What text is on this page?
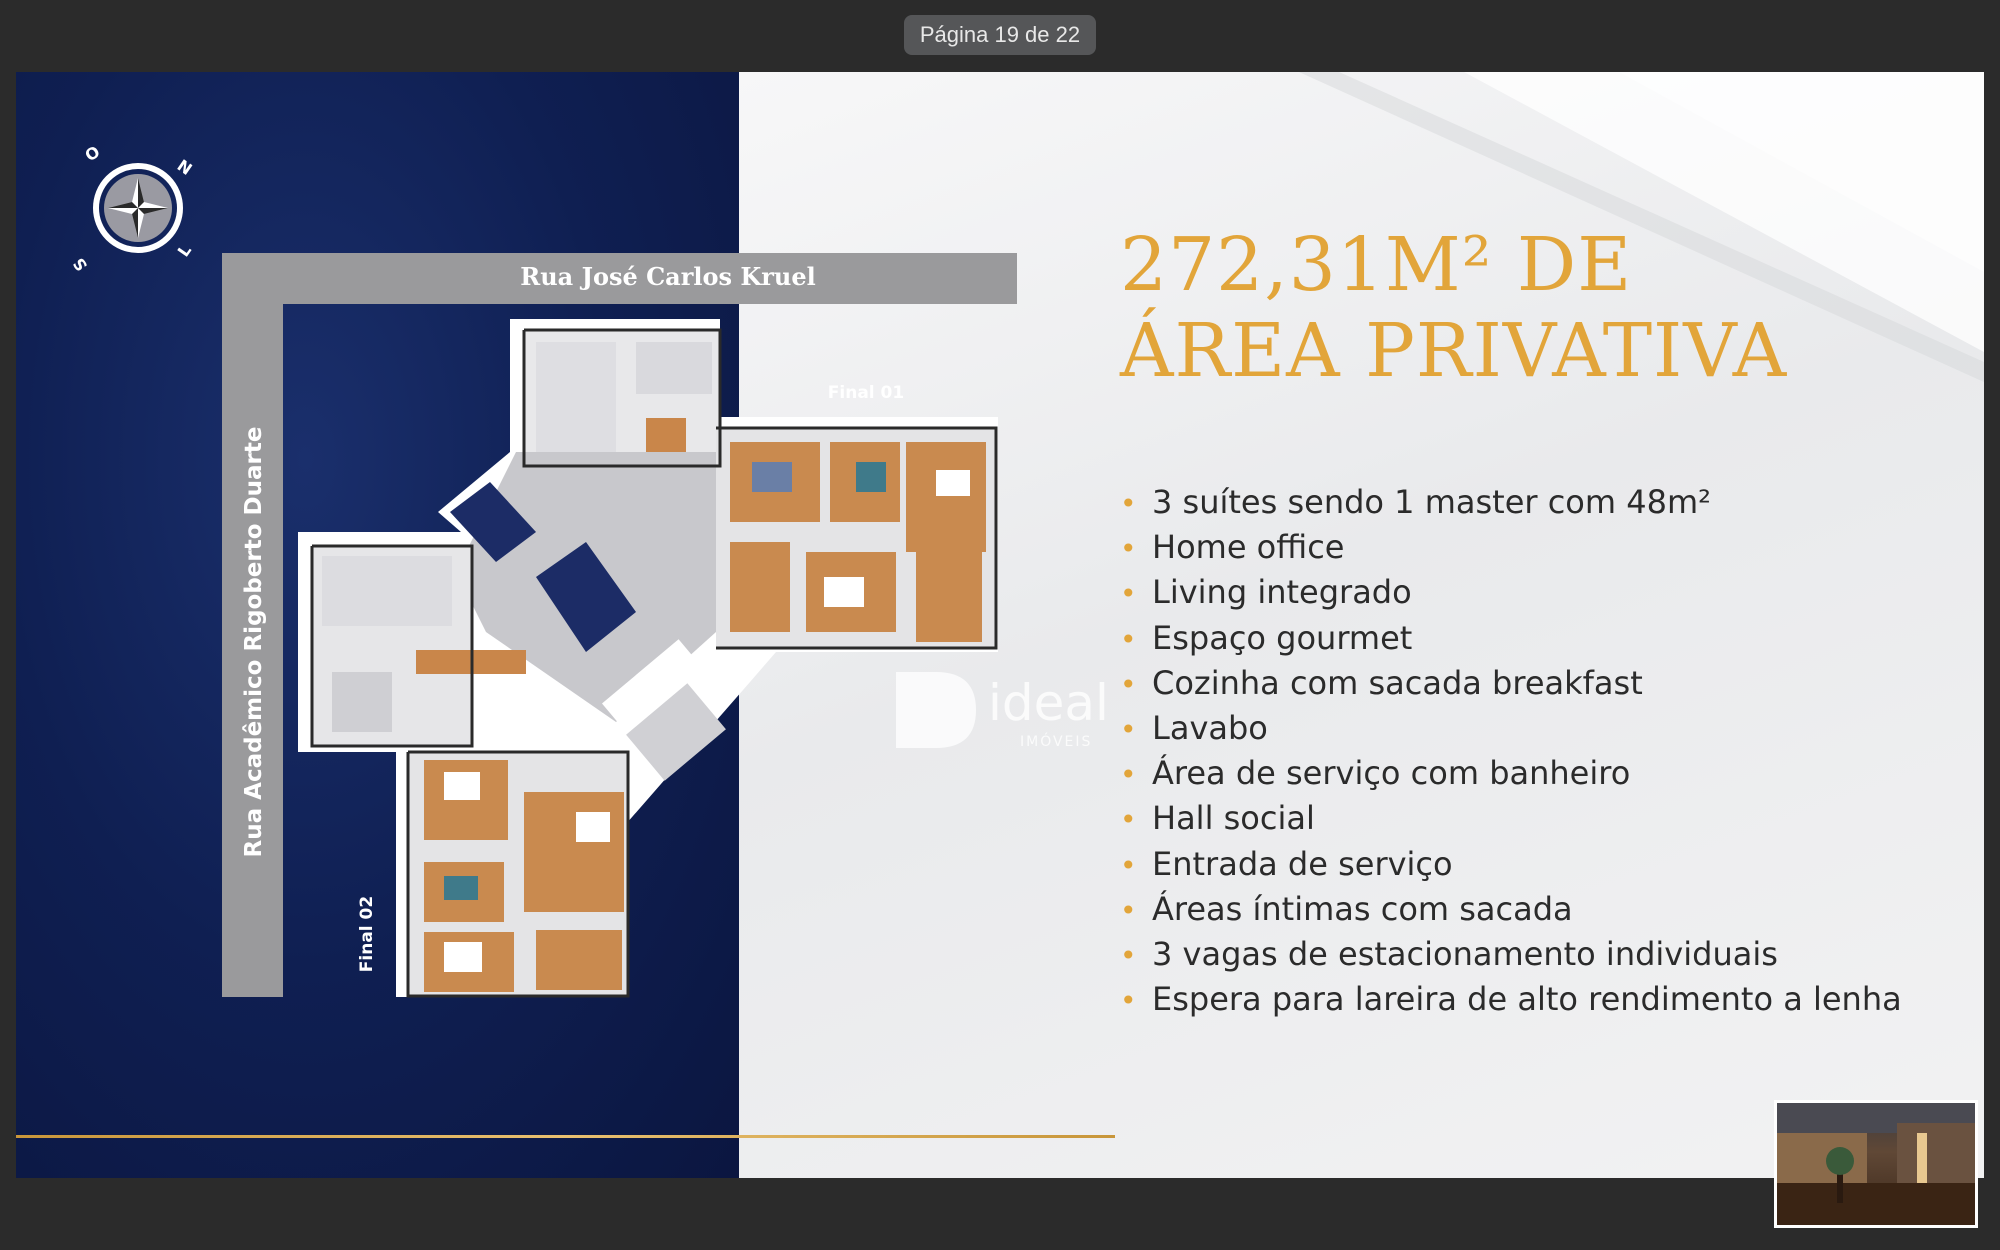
Página 19 de 22
N
L
S
O
Rua José Carlos Kruel
Rua Acadêmico Rigoberto Duarte
Final 01
Final 02
ideal
IMÓVEIS
272,31M² DE
ÁREA PRIVATIVA
• 3 suítes sendo 1 master com 48m²
• Home office
• Living integrado
• Espaço gourmet
• Cozinha com sacada breakfast
• Lavabo
• Área de serviço com banheiro
• Hall social
• Entrada de serviço
• Áreas íntimas com sacada
• 3 vagas de estacionamento individuais
• Espera para lareira de alto rendimento a lenha
